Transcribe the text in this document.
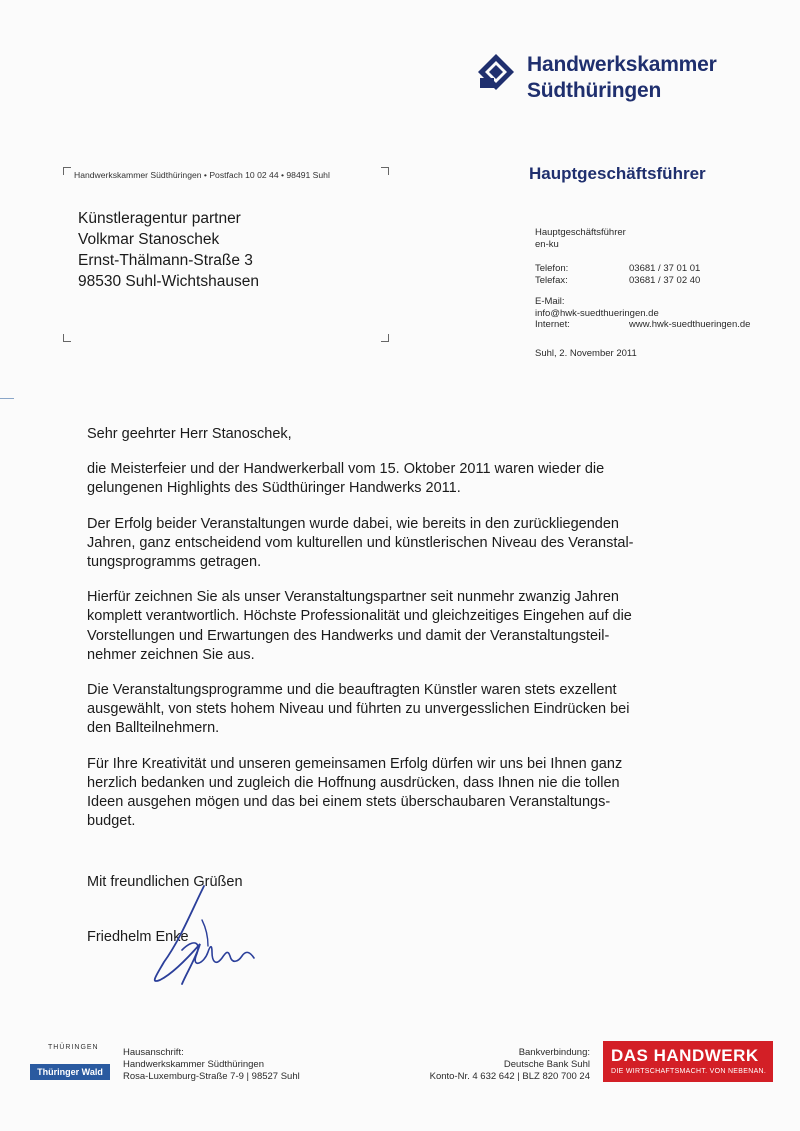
Handwerkskammer
Südthüringen
Handwerkskammer Südthüringen • Postfach 10 02 44 • 98491 Suhl
Künstleragentur partner
Volkmar Stanoschek
Ernst-Thälmann-Straße 3
98530 Suhl-Wichtshausen
Hauptgeschäftsführer
Hauptgeschäftsführer
en-ku
Telefon:	03681 / 37 01 01
Telefax:	03681 / 37 02 40
E-Mail:
info@hwk-suedthueringen.de
Internet:	www.hwk-suedthueringen.de
Suhl, 2. November 2011

Sehr geehrter Herr Stanoschek,

die Meisterfeier und der Handwerkerball vom 15. Oktober 2011 waren wieder die
gelungenen Highlights des Südthüringer Handwerks 2011.

Der Erfolg beider Veranstaltungen wurde dabei, wie bereits in den zurückliegenden
Jahren, ganz entscheidend vom kulturellen und künstlerischen Niveau des Veranstal-
tungsprogramms getragen.

Hierfür zeichnen Sie als unser Veranstaltungspartner seit nunmehr zwanzig Jahren
komplett verantwortlich. Höchste Professionalität und gleichzeitiges Eingehen auf die
Vorstellungen und Erwartungen des Handwerks und damit der Veranstaltungsteil-
nehmer zeichnen Sie aus.

Die Veranstaltungsprogramme und die beauftragten Künstler waren stets exzellent
ausgewählt, von stets hohem Niveau und führten zu unvergesslichen Eindrücken bei
den Ballteilnehmern.

Für Ihre Kreativität und unseren gemeinsamen Erfolg dürfen wir uns bei Ihnen ganz
herzlich bedanken und zugleich die Hoffnung ausdrücken, dass Ihnen nie die tollen
Ideen ausgehen mögen und das bei einem stets überschaubaren Veranstaltungs-
budget.

Mit freundlichen Grüßen
Friedhelm Enke
THÜRINGEN
Thüringer Wald
Hausanschrift:
Handwerkskammer Südthüringen
Rosa-Luxemburg-Straße 7-9 | 98527 Suhl
Bankverbindung:
Deutsche Bank Suhl
Konto-Nr. 4 632 642 | BLZ 820 700 24
DAS HANDWERK
DIE WIRTSCHAFTSMACHT. VON NEBENAN.
